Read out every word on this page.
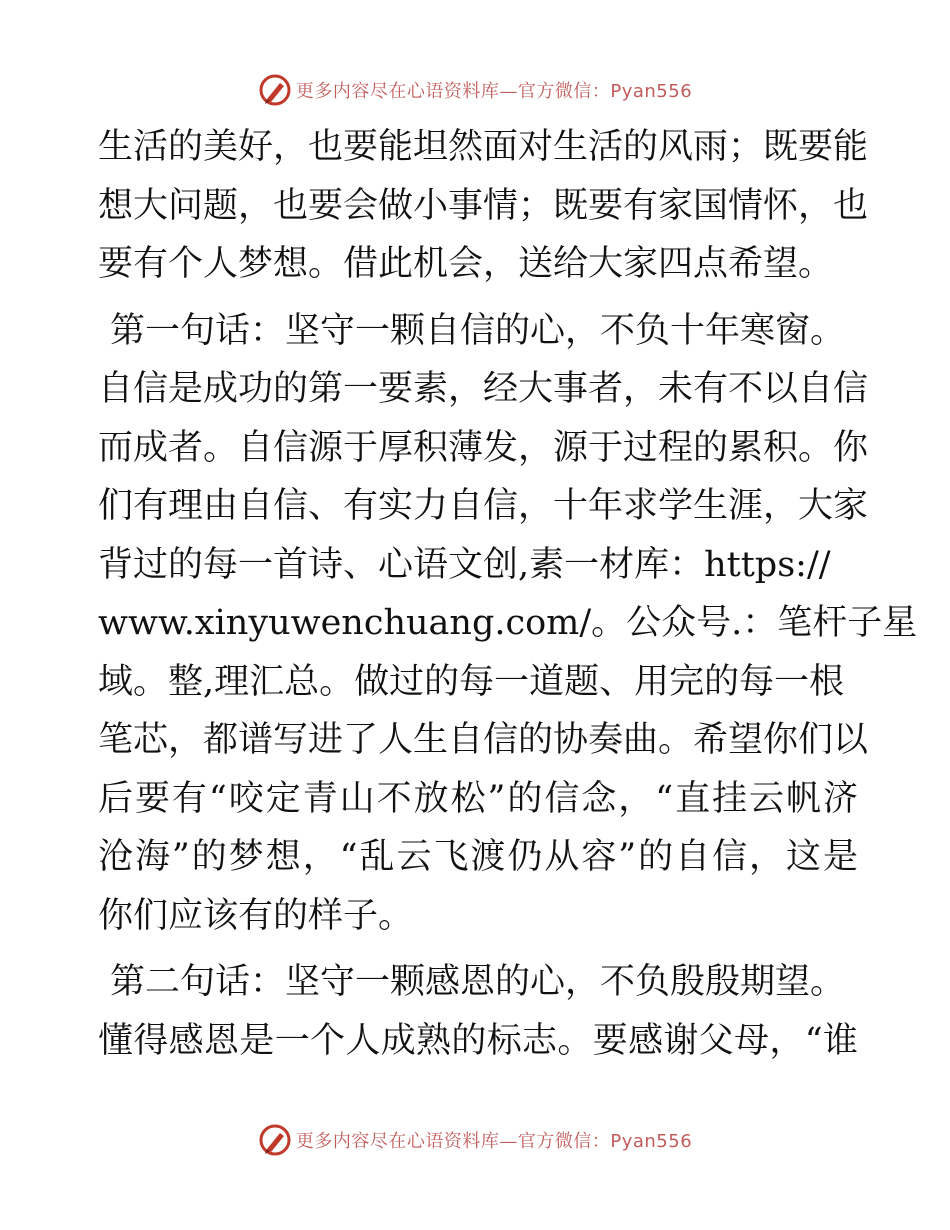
更多内容尽在心语资料库—官方微信：Pyan556
生活的美好，也要能坦然面对生活的风雨；既要能
想大问题，也要会做小事情；既要有家国情怀，也
要有个人梦想。借此机会，送给大家四点希望。
第一句话：坚守一颗自信的心，不负十年寒窗。
自信是成功的第一要素，经大事者，未有不以自信
而成者。自信源于厚积薄发，源于过程的累积。你
们有理由自信、有实力自信，十年求学生涯，大家
背过的每一首诗、心语文创,素一材库：https://
www.xinyuwenchuang.com/。公众号.：笔杆子星
域。整,理汇总。做过的每一道题、用完的每一根
笔芯，都谱写进了人生自信的协奏曲。希望你们以
后要有“咬定青山不放松”的信念，“直挂云帆济
沧海”的梦想，“乱云飞渡仍从容”的自信，这是
你们应该有的样子。
第二句话：坚守一颗感恩的心，不负殷殷期望。
懂得感恩是一个人成熟的标志。要感谢父母，“谁
更多内容尽在心语资料库—官方微信：Pyan556
